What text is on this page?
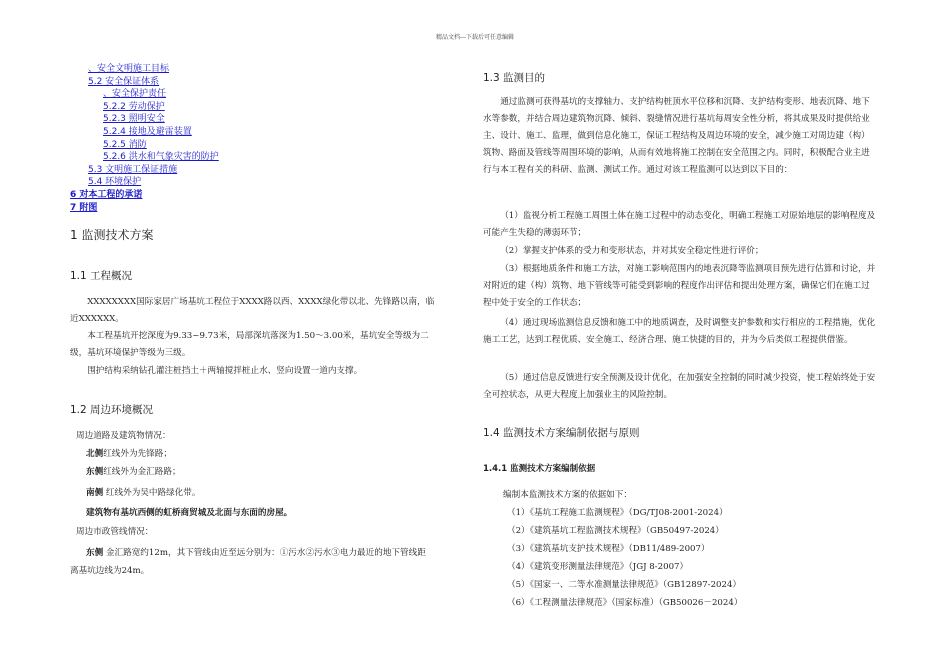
精品文档---下载后可任意编辑
、安全文明施工目标
5.2 安全保证体系
、安全保护责任
5.2.2 劳动保护
5.2.3 照明安全
5.2.4 接地及避雷装置
5.2.5 消防
5.2.6 洪水和气象灾害的防护
5.3 文明施工保证措施
5.4 环境保护
6 对本工程的承诺
7 附图
1 监测技术方案
1.1 工程概况
XXXXXXXX国际家居广场基坑工程位于XXXX路以西、XXXX绿化带以北、先锋路以南，临近XXXXXX。
本工程基坑开挖深度为9.33~9.73米，局部深坑落深为1.50～3.00米，基坑安全等级为二级，基坑环境保护等级为三级。
围护结构采纳钻孔灌注桩挡土＋两轴搅拌桩止水、竖向设置一道内支撑。
1.2 周边环境概况
周边道路及建筑物情况：
北侧红线外为先锋路；
东侧红线外为金汇路路；
南侧 红线外为吴中路绿化带。
建筑物有基坑西侧的虹桥商贸城及北面与东面的房屋。
周边市政管线情况：
东侧 金汇路宽约12m，其下管线由近至远分别为：①污水②污水③电力最近的地下管线距
离基坑边线为24m。
1.3 监测目的
通过监测可获得基坑的支撑轴力、支护结构桩顶水平位移和沉降、支护结构变形、地表沉降、地下水等参数，并结合周边建筑物沉降、倾斜、裂缝情况进行基坑每周安全性分析，将其成果及时提供给业主、设计、施工、监理，做到信息化施工，保证工程结构及周边环境的安全，减少施工对周边建（构）筑物、路面及管线等周围环境的影响，从而有效地将施工控制在安全范围之内。同时，积极配合业主进行与本工程有关的科研、监测、测试工作。通过对该工程监测可以达到以下目的：
（1）监视分析工程施工周围土体在施工过程中的动态变化，明确工程施工对原始地层的影响程度及可能产生失稳的薄弱环节；
（2）掌握支护体系的受力和变形状态，并对其安全稳定性进行评价；
（3）根据地质条件和施工方法，对施工影响范围内的地表沉降等监测项目预先进行估算和讨论，并对附近的建（构）筑物、地下管线等可能受到影响的程度作出评估和提出处理方案，确保它们在施工过程中处于安全的工作状态；
（4）通过现场监测信息反馈和施工中的地质调查，及时调整支护参数和实行相应的工程措施，优化施工工艺，达到工程优质、安全施工、经济合理、施工快捷的目的，并为今后类似工程提供借鉴。
（5）通过信息反馈进行安全预测及设计优化，在加强安全控制的同时减少投资，使工程始终处于安全可控状态，从更大程度上加强业主的风险控制。
1.4 监测技术方案编制依据与原则
1.4.1 监测技术方案编制依据
编制本监测技术方案的依据如下：
（1）《基坑工程施工监测规程》（DG/TJ08-2001-2024）
（2）《建筑基坑工程监测技术规程》（GB50497-2024）
（3）《建筑基坑支护技术规程》（DB11/489-2007）
（4）《建筑变形测量法律规范》（JGJ 8-2007）
（5）《国家一、二等水准测量法律规范》（GB12897-2024）
（6）《工程测量法律规范》（国家标准）（GB50026－2024）
